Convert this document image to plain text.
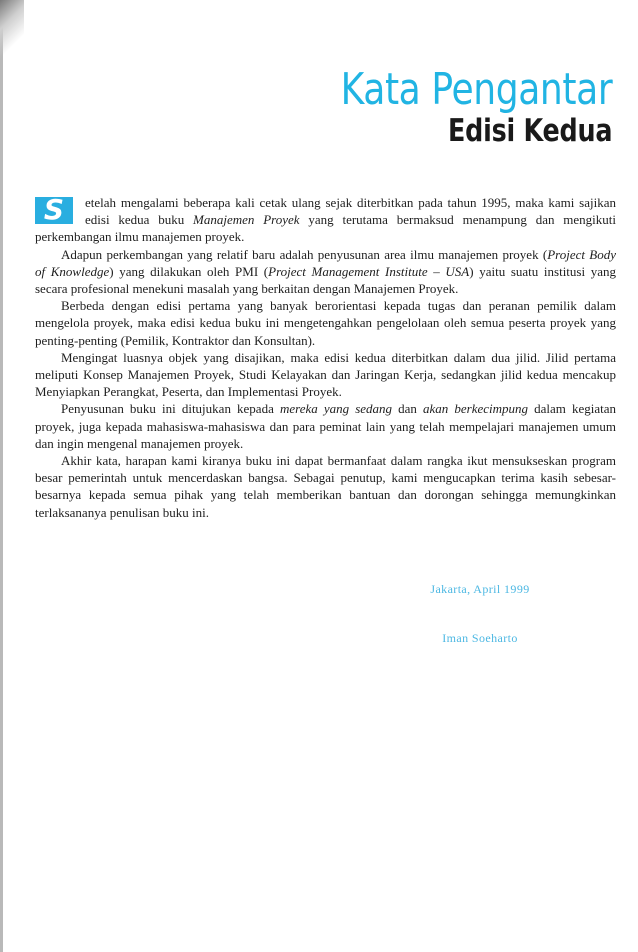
Kata Pengantar
Edisi Kedua

S	etelah mengalami beberapa kali cetak ulang sejak diterbitkan pada tahun 1995, maka kami sajikan edisi kedua buku Manajemen Proyek yang terutama bermaksud menampung dan mengikuti perkembangan ilmu manajemen proyek.

Adapun perkembangan yang relatif baru adalah penyusunan area ilmu manajemen proyek (Project Body of Knowledge) yang dilakukan oleh PMI (Project Management Institute – USA) yaitu suatu institusi yang secara profesional menekuni masalah yang berkaitan dengan Manajemen Proyek.

Berbeda dengan edisi pertama yang banyak berorientasi kepada tugas dan peranan pemilik dalam mengelola proyek, maka edisi kedua buku ini mengetengahkan pengelolaan oleh semua peserta proyek yang penting-penting (Pemilik, Kontraktor dan Konsultan).

Mengingat luasnya objek yang disajikan, maka edisi kedua diterbitkan dalam dua jilid. Jilid pertama meliputi Konsep Manajemen Proyek, Studi Kelayakan dan Jaringan Kerja, sedangkan jilid kedua mencakup Menyiapkan Perangkat, Peserta, dan Implementasi Proyek.

Penyusunan buku ini ditujukan kepada mereka yang sedang dan akan berkecimpung dalam kegiatan proyek, juga kepada mahasiswa-mahasiswa dan para peminat lain yang telah mempelajari manajemen umum dan ingin mengenal manajemen proyek.

Akhir kata, harapan kami kiranya buku ini dapat bermanfaat dalam rangka ikut mensukseskan program besar pemerintah untuk mencerdaskan bangsa. Sebagai penutup, kami mengucapkan terima kasih sebesar-besarnya kepada semua pihak yang telah memberikan bantuan dan dorongan sehingga memungkinkan terlaksananya penulisan buku ini.

Jakarta, April 1999
Iman Soeharto
